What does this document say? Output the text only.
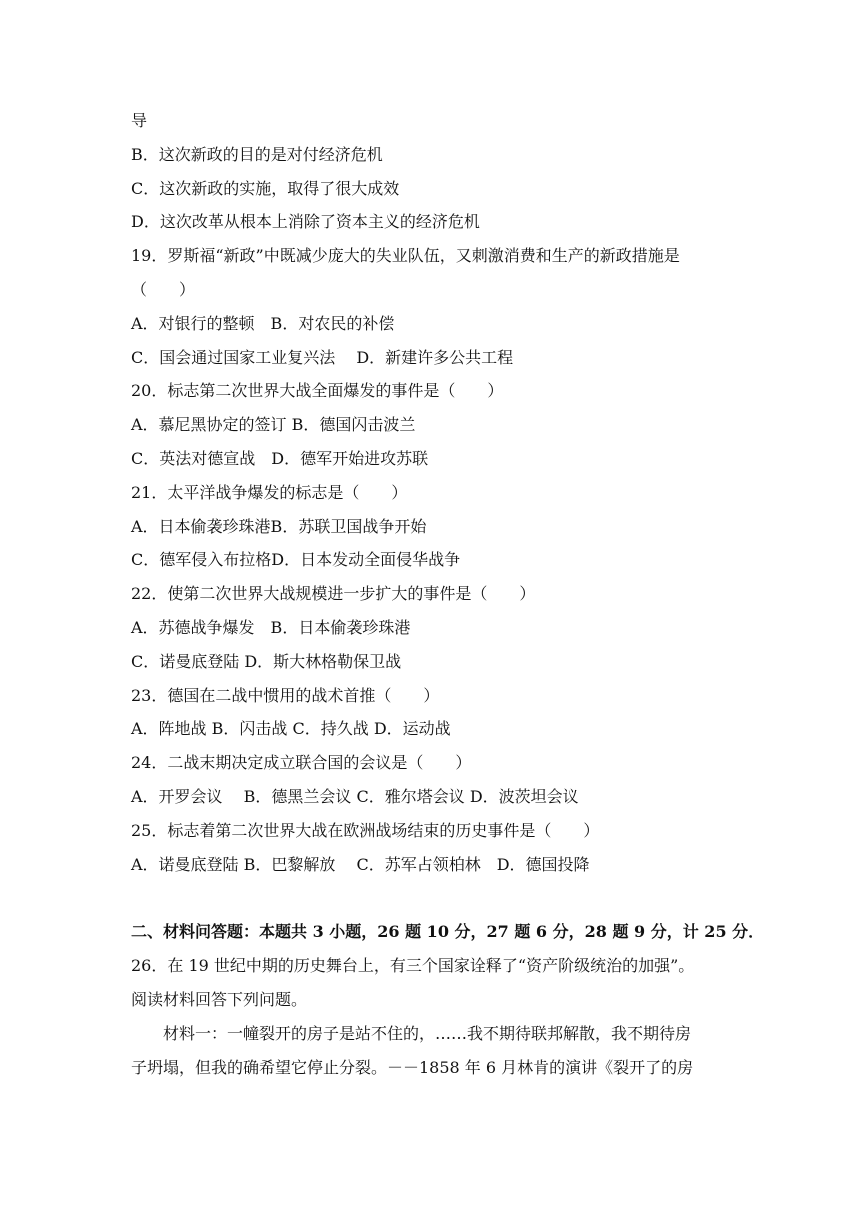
导
B．这次新政的目的是对付经济危机
C．这次新政的实施，取得了很大成效
D．这次改革从根本上消除了资本主义的经济危机
19．罗斯福“新政”中既减少庞大的失业队伍，又刺激消费和生产的新政措施是
（　　）
A．对银行的整顿　B．对农民的补偿
C．国会通过国家工业复兴法　 D．新建许多公共工程
20．标志第二次世界大战全面爆发的事件是（　　）
A．慕尼黑协定的签订 B．德国闪击波兰
C．英法对德宣战　D．德军开始进攻苏联
21．太平洋战争爆发的标志是（　　）
A．日本偷袭珍珠港B．苏联卫国战争开始
C．德军侵入布拉格D．日本发动全面侵华战争
22．使第二次世界大战规模进一步扩大的事件是（　　）
A．苏德战争爆发　B．日本偷袭珍珠港
C．诺曼底登陆 D．斯大林格勒保卫战
23．德国在二战中惯用的战术首推（　　）
A．阵地战 B．闪击战 C．持久战 D．运动战
24．二战末期决定成立联合国的会议是（　　）
A．开罗会议　 B．德黑兰会议 C．雅尔塔会议 D．波茨坦会议
25．标志着第二次世界大战在欧洲战场结束的历史事件是（　　）
A．诺曼底登陆 B．巴黎解放　 C．苏军占领柏林　D．德国投降
二、材料问答题：本题共 3 小题，26 题 10 分，27 题 6 分，28 题 9 分，计 25 分．
26．在 19 世纪中期的历史舞台上，有三个国家诠释了“资产阶级统治的加强”。
阅读材料回答下列问题。
材料一：一幢裂开的房子是站不住的，……我不期待联邦解散，我不期待房
子坍塌，但我的确希望它停止分裂。－－1858 年 6 月林肯的演讲《裂开了的房
